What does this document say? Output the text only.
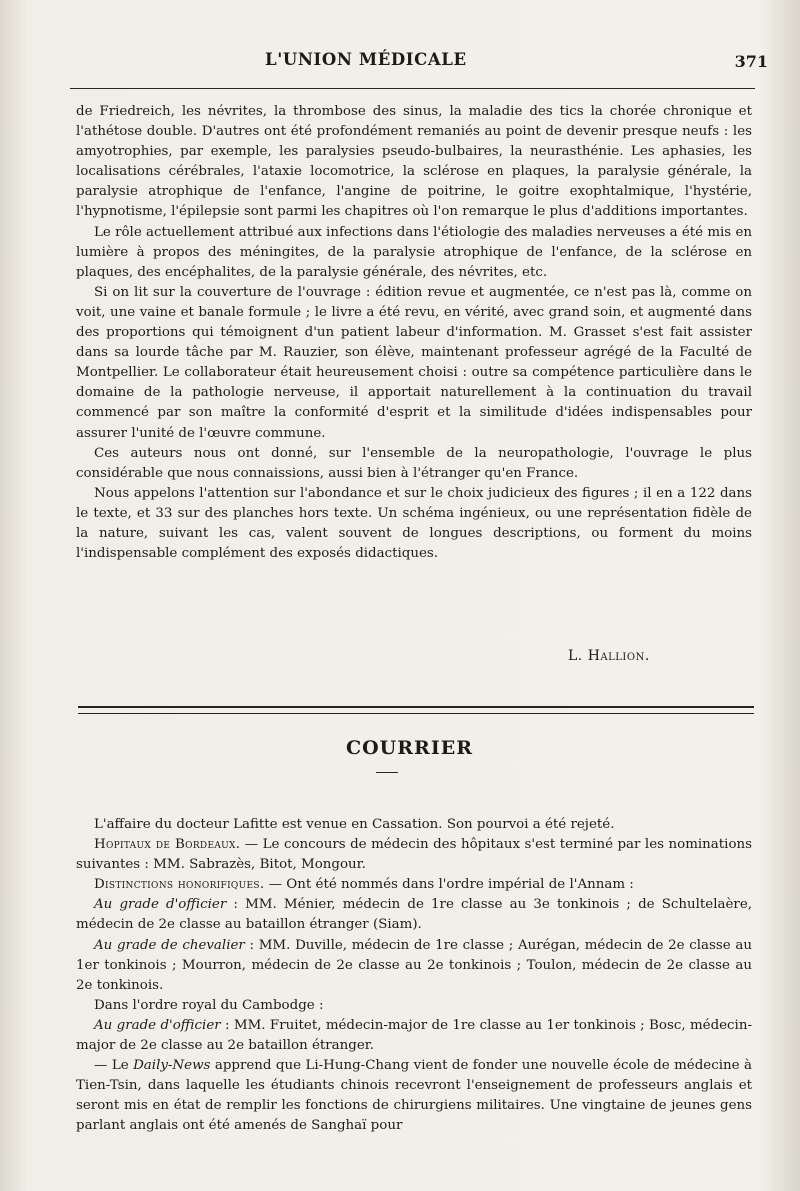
L'UNION MÉDICALE	371

de Friedreich, les névrites, la thrombose des sinus, la maladie des tics la chorée chronique et l'athétose double. D'autres ont été profondément remaniés au point de devenir presque neufs : les amyotrophies, par exemple, les paralysies pseudo-bulbaires, la neurasthénie. Les aphasies, les localisations cérébrales, l'ataxie locomotrice, la sclérose en plaques, la paralysie générale, la paralysie atrophique de l'enfance, l'angine de poitrine, le goitre exophtalmique, l'hystérie, l'hypnotisme, l'épilepsie sont parmi les chapitres où l'on remarque le plus d'additions importantes.

Le rôle actuellement attribué aux infections dans l'étiologie des maladies nerveuses a été mis en lumière à propos des méningites, de la paralysie atrophique de l'enfance, de la sclérose en plaques, des encéphalites, de la paralysie générale, des névrites, etc.

Si on lit sur la couverture de l'ouvrage : édition revue et augmentée, ce n'est pas là, comme on voit, une vaine et banale formule ; le livre a été revu, en vérité, avec grand soin, et augmenté dans des proportions qui témoignent d'un patient labeur d'information. M. Grasset s'est fait assister dans sa lourde tâche par M. Rauzier, son élève, maintenant professeur agrégé de la Faculté de Montpellier. Le collaborateur était heureusement choisi : outre sa compétence particulière dans le domaine de la pathologie nerveuse, il apportait naturellement à la continuation du travail commencé par son maître la conformité d'esprit et la similitude d'idées indispensables pour assurer l'unité de l'œuvre commune.

Ces auteurs nous ont donné, sur l'ensemble de la neuropathologie, l'ouvrage le plus considérable que nous connaissions, aussi bien à l'étranger qu'en France.

Nous appelons l'attention sur l'abondance et sur le choix judicieux des figures ; il en a 122 dans le texte, et 33 sur des planches hors texte. Un schéma ingénieux, ou une représentation fidèle de la nature, suivant les cas, valent souvent de longues descriptions, ou forment du moins l'indispensable complément des exposés didactiques.

L. Hallion.
COURRIER

L'affaire du docteur Lafitte est venue en Cassation. Son pourvoi a été rejeté.

Hopitaux de Bordeaux. — Le concours de médecin des hôpitaux s'est terminé par les nominations suivantes : MM. Sabrazès, Bitot, Mongour.

Distinctions honorifiques. — Ont été nommés dans l'ordre impérial de l'Annam :

Au grade d'officier : MM. Ménier, médecin de 1re classe au 3e tonkinois ; de Schultelaère, médecin de 2e classe au bataillon étranger (Siam).

Au grade de chevalier : MM. Duville, médecin de 1re classe ; Aurégan, médecin de 2e classe au 1er tonkinois ; Mourron, médecin de 2e classe au 2e tonkinois ; Toulon, médecin de 2e classe au 2e tonkinois.

Dans l'ordre royal du Cambodge :

Au grade d'officier : MM. Fruitet, médecin-major de 1re classe au 1er tonkinois ; Bosc, médecin-major de 2e classe au 2e bataillon étranger.

— Le Daily-News apprend que Li-Hung-Chang vient de fonder une nouvelle école de médecine à Tien-Tsin, dans laquelle les étudiants chinois recevront l'enseignement de professeurs anglais et seront mis en état de remplir les fonctions de chirurgiens militaires. Une vingtaine de jeunes gens parlant anglais ont été amenés de Sanghaï pour
